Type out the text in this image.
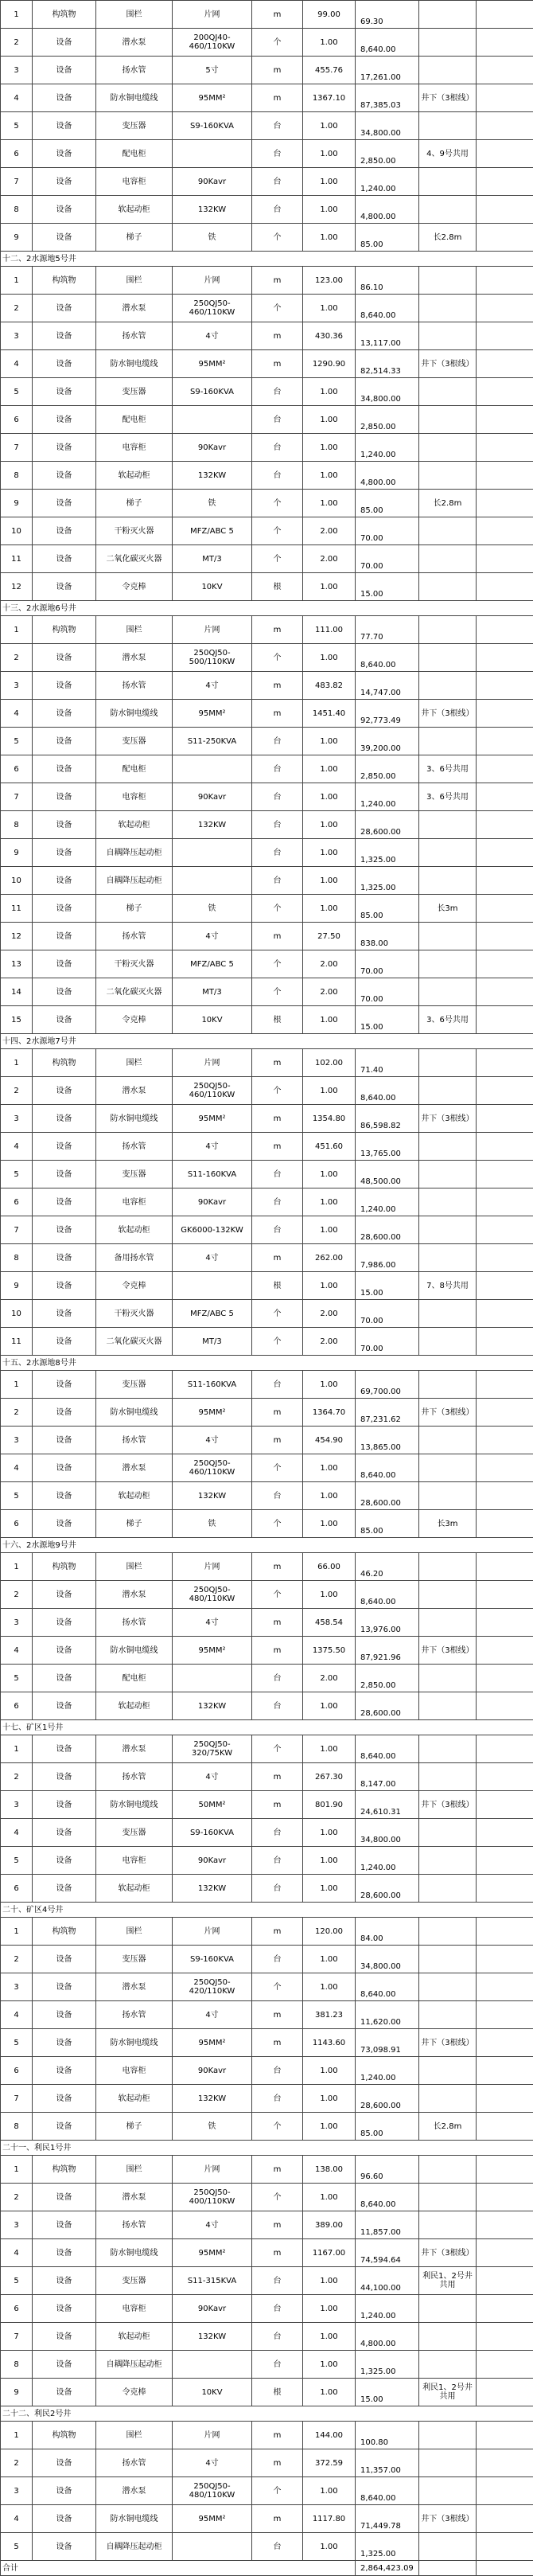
1	构筑物	围栏	片网	m	99.00	69.30		
2	设备	潜水泵	200QJ40-460/110KW	个	1.00	8,640.00		
3	设备	扬水管	5寸	m	455.76	17,261.00		
4	设备	防水铜电缆线	95MM²	m	1367.10	87,385.03	井下（3根线）	
5	设备	变压器	S9-160KVA	台	1.00	34,800.00		
6	设备	配电柜		台	1.00	2,850.00	4、9号共用	
7	设备	电容柜	90Kavr	台	1.00	1,240.00		
8	设备	软起动柜	132KW	台	1.00	4,800.00		
9	设备	梯子	铁	个	1.00	85.00	长2.8m	
十二、2水源地5号井								
1	构筑物	围栏	片网	m	123.00	86.10		
2	设备	潜水泵	250QJ50-460/110KW	个	1.00	8,640.00		
3	设备	扬水管	4寸	m	430.36	13,117.00		
4	设备	防水铜电缆线	95MM²	m	1290.90	82,514.33	井下（3根线）	
5	设备	变压器	S9-160KVA	台	1.00	34,800.00		
6	设备	配电柜		台	1.00	2,850.00		
7	设备	电容柜	90Kavr	台	1.00	1,240.00		
8	设备	软起动柜	132KW	台	1.00	4,800.00		
9	设备	梯子	铁	个	1.00	85.00	长2.8m	
10	设备	干粉灭火器	MFZ/ABC 5	个	2.00	70.00		
11	设备	二氧化碳灭火器	MT/3	个	2.00	70.00		
12	设备	令克棒	10KV	根	1.00	15.00		
十三、2水源地6号井								
1	构筑物	围栏	片网	m	111.00	77.70		
2	设备	潜水泵	250QJ50-500/110KW	个	1.00	8,640.00		
3	设备	扬水管	4寸	m	483.82	14,747.00		
4	设备	防水铜电缆线	95MM²	m	1451.40	92,773.49	井下（3根线）	
5	设备	变压器	S11-250KVA	台	1.00	39,200.00		
6	设备	配电柜		台	1.00	2,850.00	3、6号共用	
7	设备	电容柜	90Kavr	台	1.00	1,240.00	3、6号共用	
8	设备	软起动柜	132KW	台	1.00	28,600.00		
9	设备	自耦降压起动柜		台	1.00	1,325.00		
10	设备	自耦降压起动柜		台	1.00	1,325.00		
11	设备	梯子	铁	个	1.00	85.00	长3m	
12	设备	扬水管	4寸	m	27.50	838.00		
13	设备	干粉灭火器	MFZ/ABC 5	个	2.00	70.00		
14	设备	二氧化碳灭火器	MT/3	个	2.00	70.00		
15	设备	令克棒	10KV	根	1.00	15.00	3、6号共用	
十四、2水源地7号井								
1	构筑物	围栏	片网	m	102.00	71.40		
2	设备	潜水泵	250QJ50-460/110KW	个	1.00	8,640.00		
3	设备	防水铜电缆线	95MM²	m	1354.80	86,598.82	井下（3根线）	
4	设备	扬水管	4寸	m	451.60	13,765.00		
5	设备	变压器	S11-160KVA	台	1.00	48,500.00		
6	设备	电容柜	90Kavr	台	1.00	1,240.00		
7	设备	软起动柜	GK6000-132KW	台	1.00	28,600.00		
8	设备	备用扬水管	4寸	m	262.00	7,986.00		
9	设备	令克棒		根	1.00	15.00	7、8号共用	
10	设备	干粉灭火器	MFZ/ABC 5	个	2.00	70.00		
11	设备	二氧化碳灭火器	MT/3	个	2.00	70.00		
十五、2水源地8号井								
1	设备	变压器	S11-160KVA	台	1.00	69,700.00		
2	设备	防水铜电缆线	95MM²	m	1364.70	87,231.62	井下（3根线）	
3	设备	扬水管	4寸	m	454.90	13,865.00		
4	设备	潜水泵	250QJ50-460/110KW	个	1.00	8,640.00		
5	设备	软起动柜	132KW	台	1.00	28,600.00		
6	设备	梯子	铁	个	1.00	85.00	长3m	
十六、2水源地9号井								
1	构筑物	围栏	片网	m	66.00	46.20		
2	设备	潜水泵	250QJ50-480/110KW	个	1.00	8,640.00		
3	设备	扬水管	4寸	m	458.54	13,976.00		
4	设备	防水铜电缆线	95MM²	m	1375.50	87,921.96	井下（3根线）	
5	设备	配电柜		台	2.00	2,850.00		
6	设备	软起动柜	132KW	台	1.00	28,600.00		
十七、矿区1号井								
1	设备	潜水泵	250QJ50-320/75KW	个	1.00	8,640.00		
2	设备	扬水管	4寸	m	267.30	8,147.00		
3	设备	防水铜电缆线	50MM²	m	801.90	24,610.31	井下（3根线）	
4	设备	变压器	S9-160KVA	台	1.00	34,800.00		
5	设备	电容柜	90Kavr	台	1.00	1,240.00		
6	设备	软起动柜	132KW	台	1.00	28,600.00		
二十、矿区4号井								
1	构筑物	围栏	片网	m	120.00	84.00		
2	设备	变压器	S9-160KVA	台	1.00	34,800.00		
3	设备	潜水泵	250QJ50-420/110KW	个	1.00	8,640.00		
4	设备	扬水管	4寸	m	381.23	11,620.00		
5	设备	防水铜电缆线	95MM²	m	1143.60	73,098.91	井下（3根线）	
6	设备	电容柜	90Kavr	台	1.00	1,240.00		
7	设备	软起动柜	132KW	台	1.00	28,600.00		
8	设备	梯子	铁	个	1.00	85.00	长2.8m	
二十一、利民1号井								
1	构筑物	围栏	片网	m	138.00	96.60		
2	设备	潜水泵	250QJ50-400/110KW	个	1.00	8,640.00		
3	设备	扬水管	4寸	m	389.00	11,857.00		
4	设备	防水铜电缆线	95MM²	m	1167.00	74,594.64	井下（3根线）	
5	设备	变压器	S11-315KVA	台	1.00	44,100.00	利民1、2号井共用	
6	设备	电容柜	90Kavr	台	1.00	1,240.00		
7	设备	软起动柜	132KW	台	1.00	4,800.00		
8	设备	自耦降压起动柜		台	1.00	1,325.00		
9	设备	令克棒	10KV	根	1.00	15.00	利民1、2号井共用	
二十二、利民2号井								
1	构筑物	围栏	片网	m	144.00	100.80		
2	设备	扬水管	4寸	m	372.59	11,357.00		
3	设备	潜水泵	250QJ50-480/110KW	个	1.00	8,640.00		
4	设备	防水铜电缆线	95MM²	m	1117.80	71,449.78	井下（3根线）	
5	设备	自耦降压起动柜		台	1.00	1,325.00		
合计						2,864,423.09		
